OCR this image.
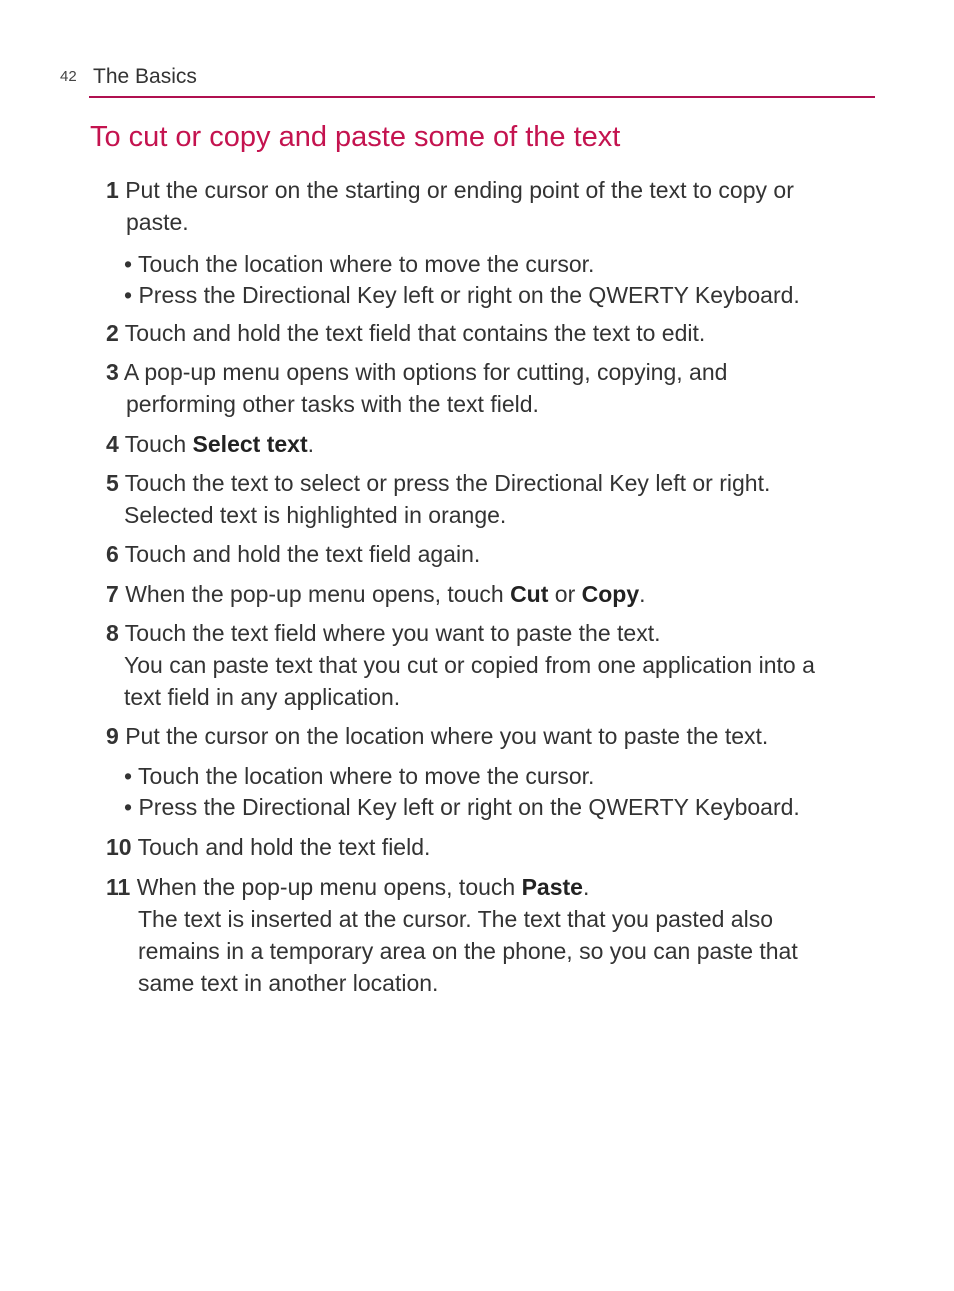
42 The Basics
To cut or copy and paste some of the text
1 Put the cursor on the starting or ending point of the text to copy or
paste.
• Touch the location where to move the cursor.
• Press the Directional Key left or right on the QWERTY Keyboard.
2 Touch and hold the text field that contains the text to edit.
3 A pop-up menu opens with options for cutting, copying, and
performing other tasks with the text field.
4 Touch Select text.
5 Touch the text to select or press the Directional Key left or right.
Selected text is highlighted in orange.
6 Touch and hold the text field again.
7 When the pop-up menu opens, touch Cut or Copy.
8 Touch the text field where you want to paste the text.
You can paste text that you cut or copied from one application into a
text field in any application.
9 Put the cursor on the location where you want to paste the text.
• Touch the location where to move the cursor.
• Press the Directional Key left or right on the QWERTY Keyboard.
10 Touch and hold the text field.
11 When the pop-up menu opens, touch Paste.
The text is inserted at the cursor. The text that you pasted also
remains in a temporary area on the phone, so you can paste that
same text in another location.
